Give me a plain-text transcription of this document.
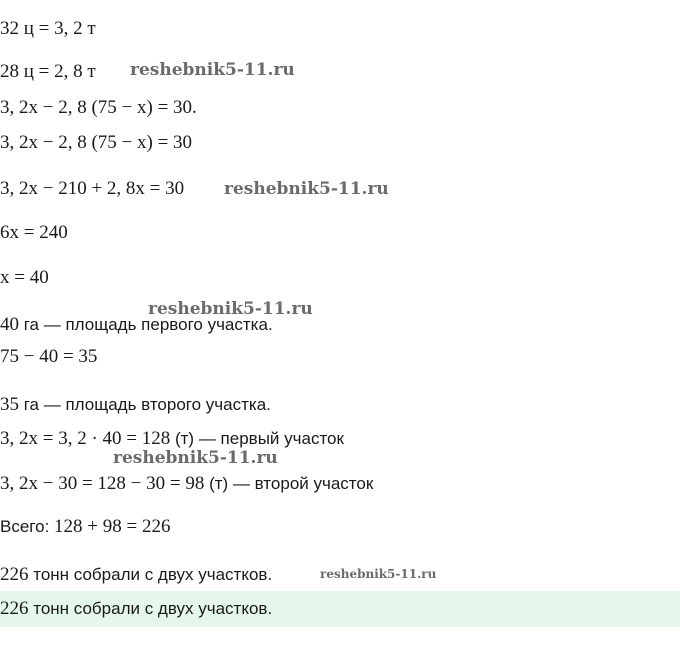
32 ц = 3, 2 т
28 ц = 2, 8 т
3, 2x − 2, 8 (75 − x) = 30.
3, 2x − 2, 8 (75 − x) = 30
3, 2x − 210 + 2, 8x = 30
6x = 240
x = 40
40 га — площадь первого участка.
75 − 40 = 35
35 га — площадь второго участка.
3, 2x = 3, 2 · 40 = 128 (т) — первый участок
3, 2x − 30 = 128 − 30 = 98 (т) — второй участок
Всего: 128 + 98 = 226
226 тонн собрали с двух участков.
226 тонн собрали с двух участков.
reshebnik5-11.ru
reshebnik5-11.ru
reshebnik5-11.ru
reshebnik5-11.ru
reshebnik5-11.ru
